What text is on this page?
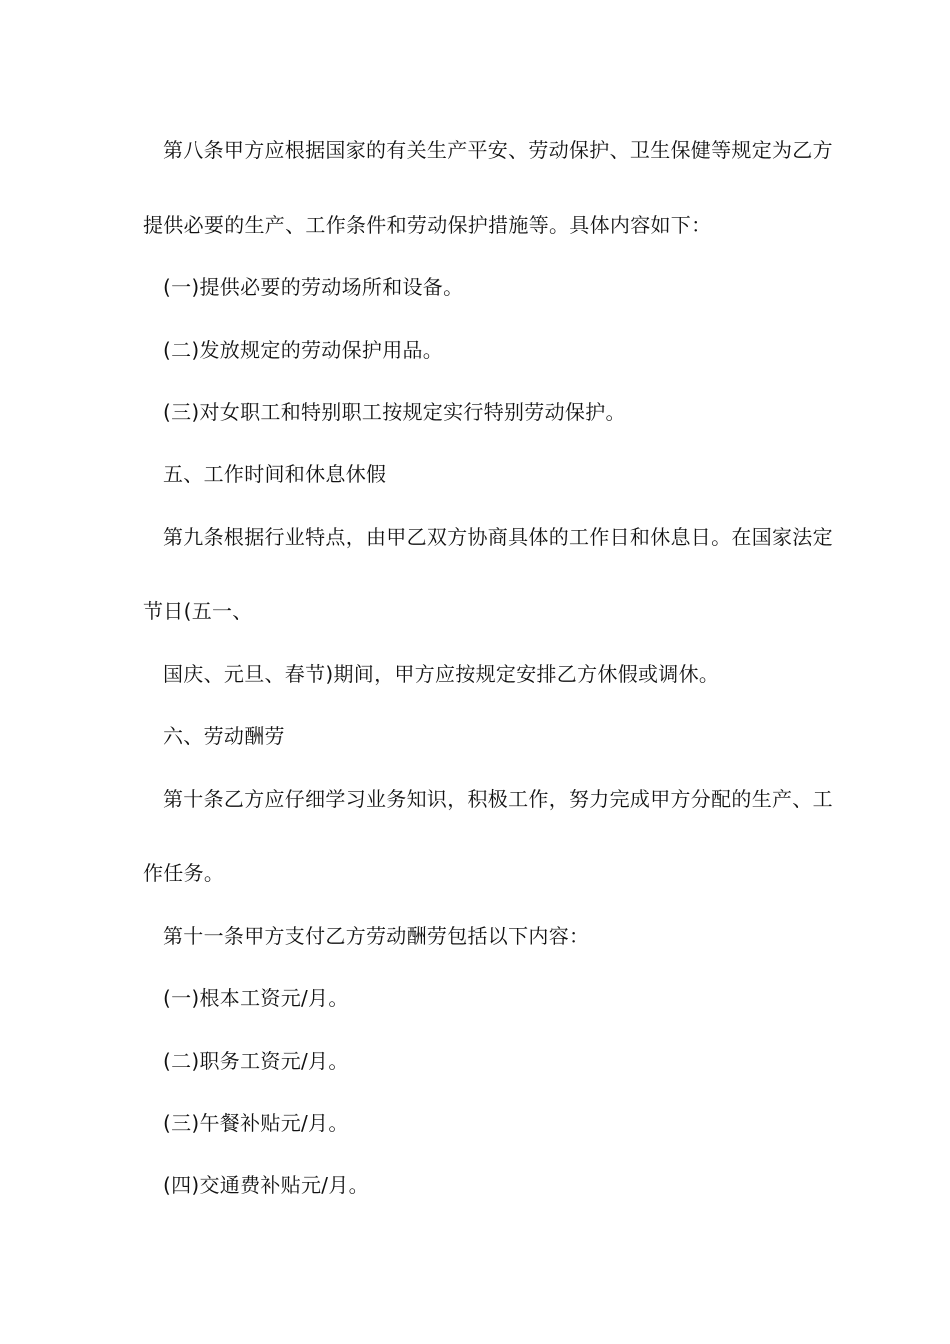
第八条甲方应根据国家的有关生产平安、劳动保护、卫生保健等规定为乙方
提供必要的生产、工作条件和劳动保护措施等。具体内容如下：
(一)提供必要的劳动场所和设备。
(二)发放规定的劳动保护用品。
(三)对女职工和特别职工按规定实行特别劳动保护。
五、工作时间和休息休假
第九条根据行业特点，由甲乙双方协商具体的工作日和休息日。在国家法定
节日(五一、
国庆、元旦、春节)期间，甲方应按规定安排乙方休假或调休。
六、劳动酬劳
第十条乙方应仔细学习业务知识，积极工作，努力完成甲方分配的生产、工
作任务。
第十一条甲方支付乙方劳动酬劳包括以下内容：
(一)根本工资元/月。
(二)职务工资元/月。
(三)午餐补贴元/月。
(四)交通费补贴元/月。
